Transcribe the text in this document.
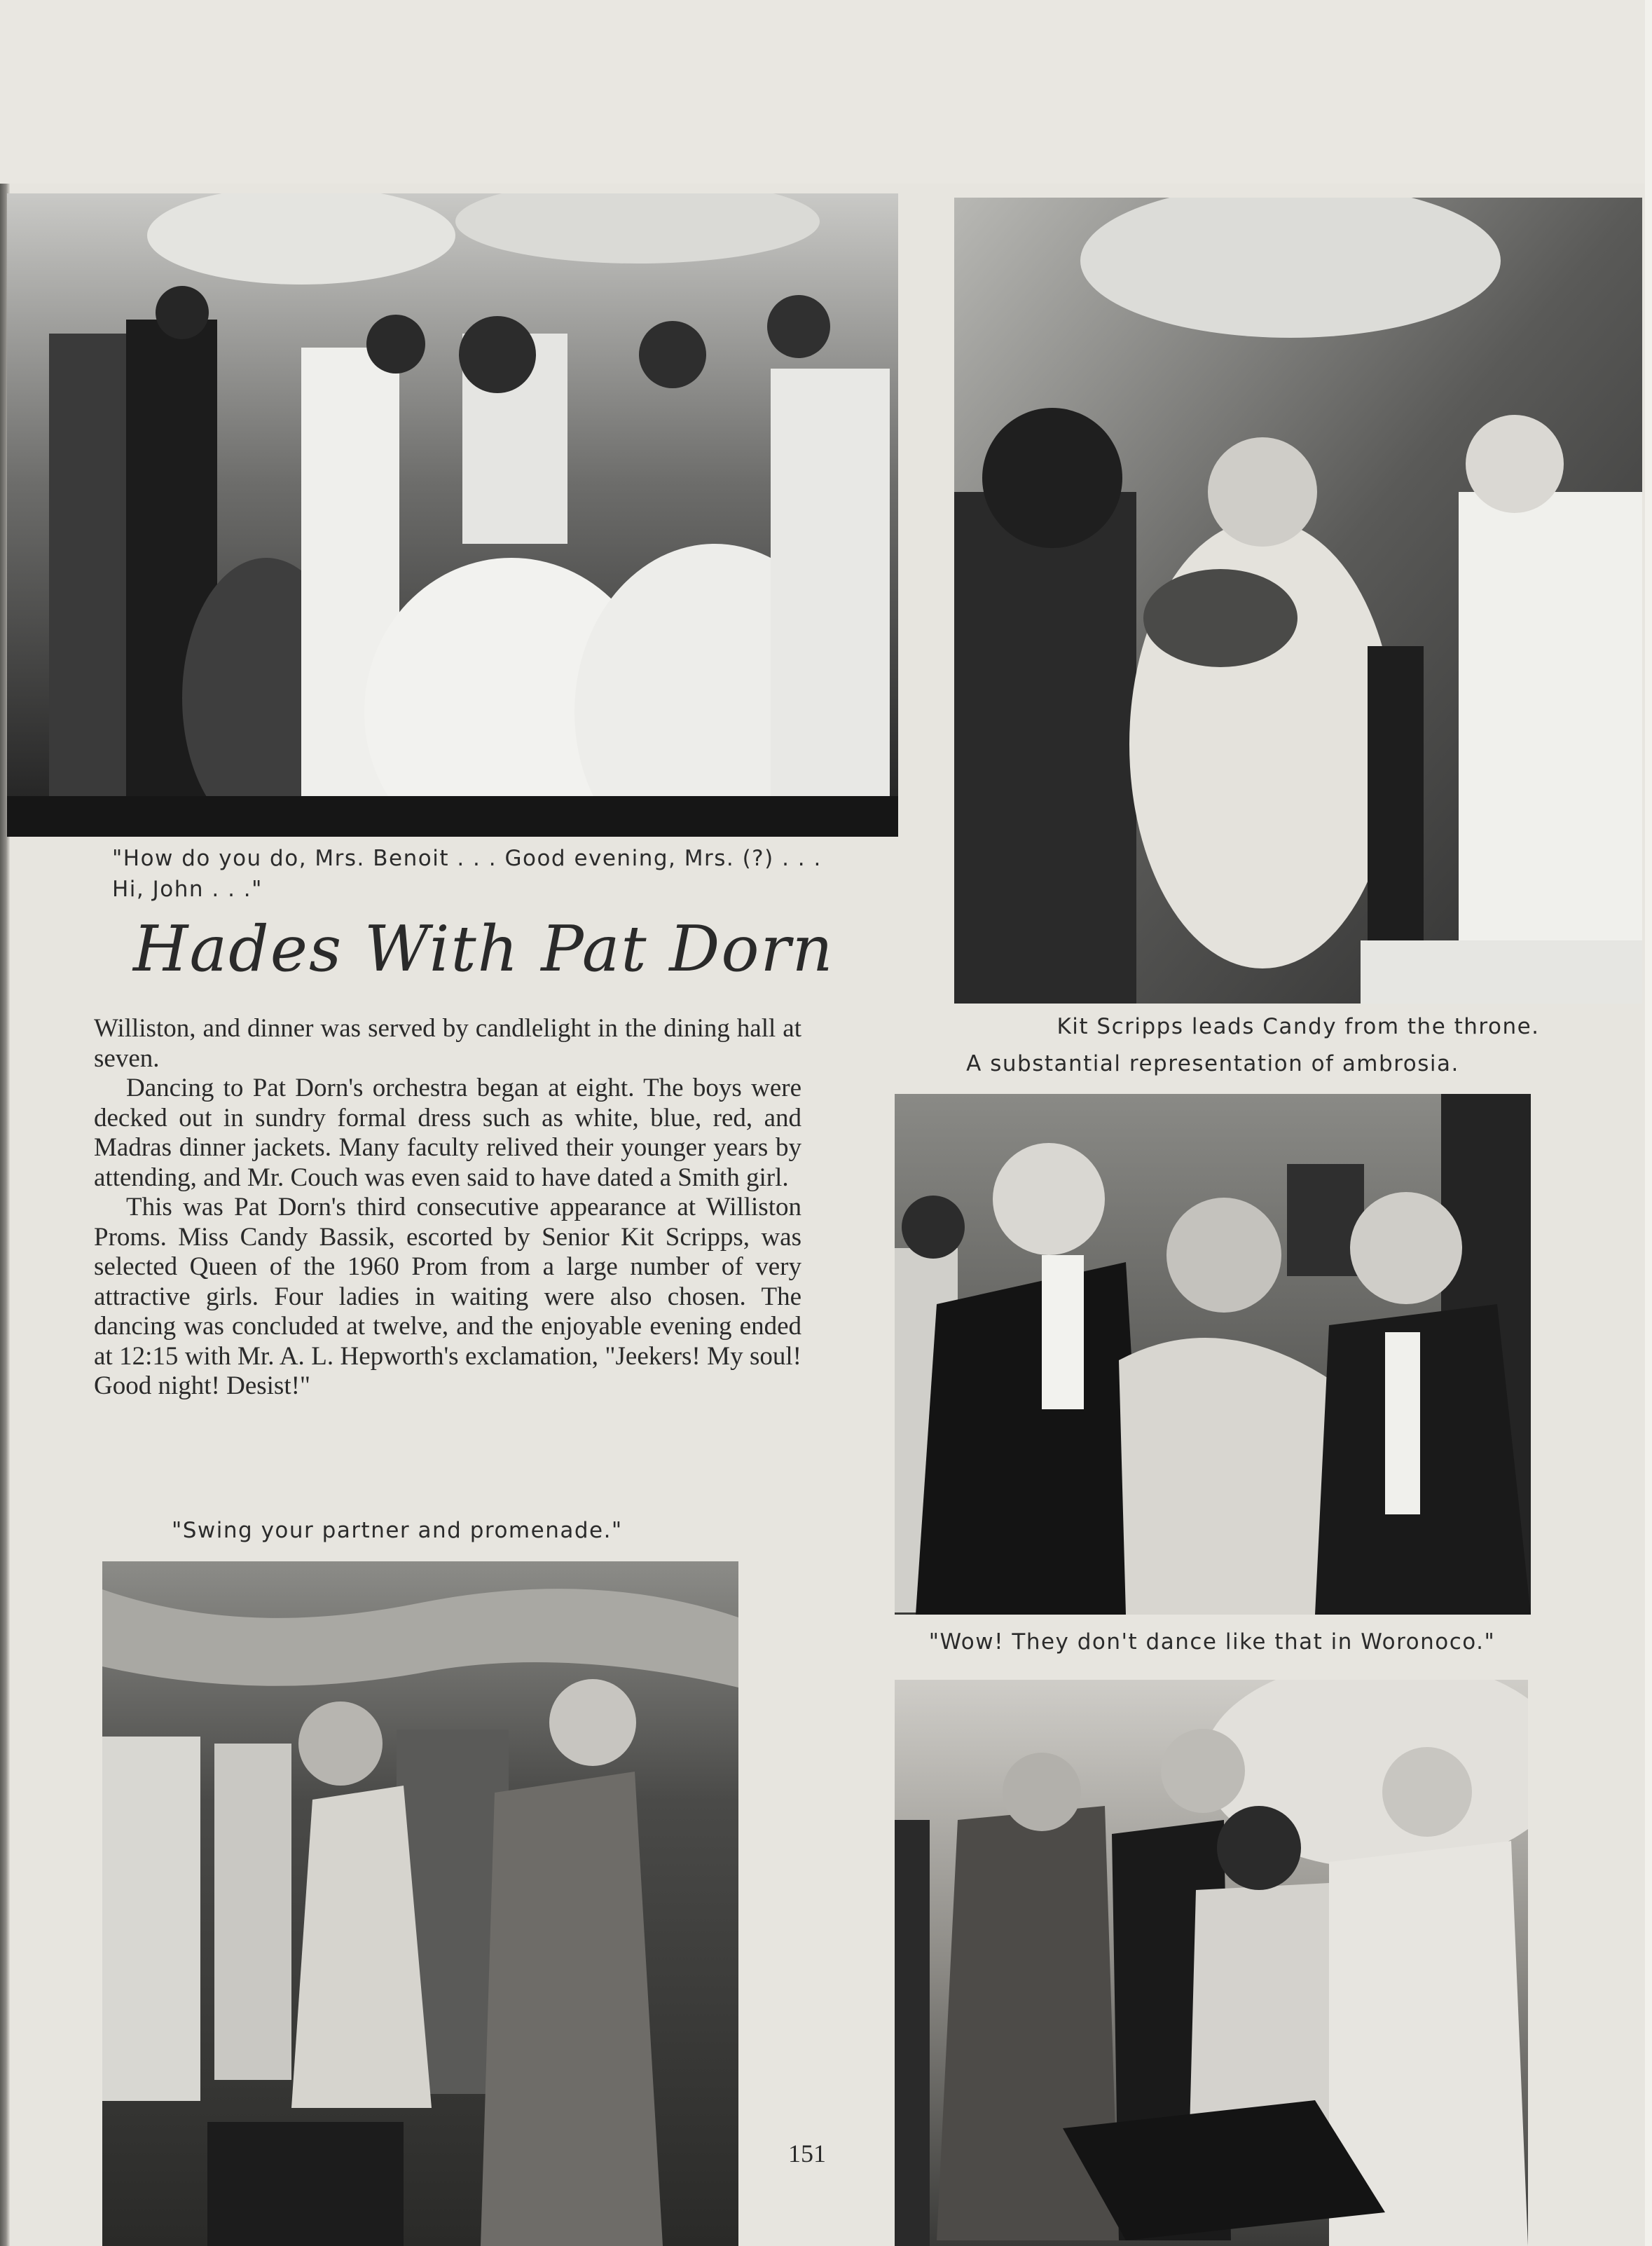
"How do you do, Mrs. Benoit . . . Good evening, Mrs. (?) . . .
Hi, John . . ."
Kit Scripps leads Candy from the throne.
A substantial representation of ambrosia.
"Swing your partner and promenade."
"Wow! They don't dance like that in Woronoco."
Hades With Pat Dorn

Williston, and dinner was served by candlelight in the dining hall at seven.

Dancing to Pat Dorn's orchestra began at eight. The boys were decked out in sundry formal dress such as white, blue, red, and Madras dinner jackets. Many faculty relived their younger years by attending, and Mr. Couch was even said to have dated a Smith girl.

This was Pat Dorn's third consecutive appearance at Williston Proms. Miss Candy Bassik, escorted by Senior Kit Scripps, was selected Queen of the 1960 Prom from a large number of very attractive girls. Four ladies in waiting were also chosen. The dancing was concluded at twelve, and the enjoyable evening ended at 12:15 with Mr. A. L. Hepworth's exclamation, "Jeekers! My soul! Good night! Desist!"

151
